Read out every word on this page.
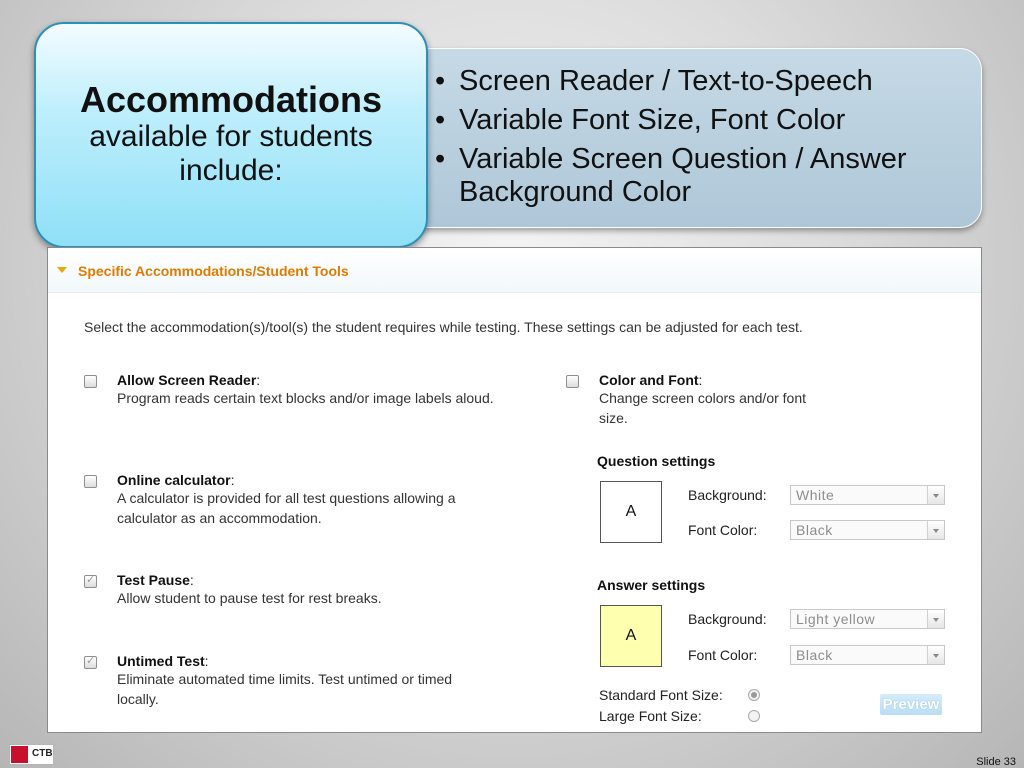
• Screen Reader / Text-to-Speech
• Variable Font Size, Font Color
• Variable Screen Question / Answer Background Color
Accommodations
available for students include:
Specific Accommodations/Student Tools
Select the accommodation(s)/tool(s) the student requires while testing. These settings can be adjusted for each test.
Allow Screen Reader:
Program reads certain text blocks and/or image labels aloud.
Online calculator:
A calculator is provided for all test questions allowing a calculator as an accommodation.
✓
Test Pause:
Allow student to pause test for rest breaks.
✓
Untimed Test:
Eliminate automated time limits. Test untimed or timed locally.
Color and Font:
Change screen colors and/or font size.
Question settings
A
Background: White
Font Color:	Black
Answer settings
A
Background: Light yellow
Font Color:	Black
Standard Font Size:
Large Font Size:
Preview
CTB
Slide 33
